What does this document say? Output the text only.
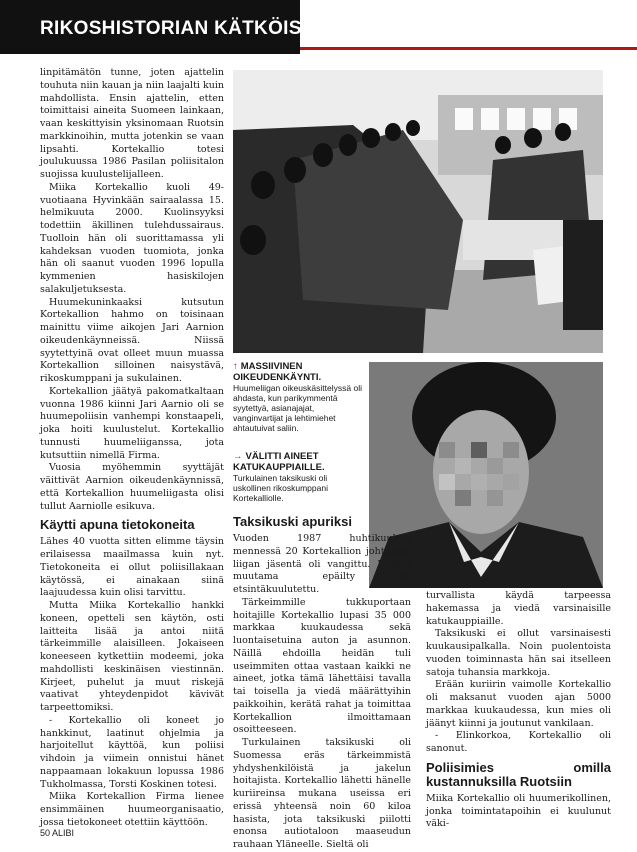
RIKOSHISTORIAN KÄTKÖISTÄ

linpitämätön tunne, joten ajattelin touhuta niin kauan ja niin laajalti kuin mahdollista. Ensin ajattelin, etten toimittaisi aineita Suomeen lainkaan, vaan keskittyisin yksinomaan Ruotsin markkinoihin, mutta jotenkin se vaan lipsahti. Kortekallio totesi joulukuussa 1986 Pasilan poliisitalon suojissa kuulustelijalleen.

Miika Kortekallio kuoli 49-vuotiaana Hyvinkään sairaalassa 15. helmikuuta 2000. Kuolinsyyksi todettiin äkillinen tulehdussairaus. Tuolloin hän oli suorittamassa yli kahdeksan vuoden tuomiota, jonka hän oli saanut vuoden 1996 lopulla kymmenien hasiskilojen salakuljetuksesta.

Huumekuninkaaksi kutsutun Kortekallion hahmo on toisinaan mainittu viime aikojen Jari Aarnion oikeudenkäynneissä. Niissä syytettyinä ovat olleet muun muassa Kortekallion silloinen naisystävä, rikoskumppani ja sukulainen.

Kortekallion jäätyä pakomatkaltaan vuonna 1986 kiinni Jari Aarnio oli se huumepoliisin vanhempi konstaapeli, joka hoiti kuulustelut. Kortekallio tunnusti huumeliiganssa, jota kutsuttiin nimellä Firma.

Vuosia myöhemmin syyttäjät väittivät Aarnion oikeudenkäynnissä, että Kortekallion huumeliigasta olisi tullut Aarniolle esikuva.

Käytti apuna tietokoneita

Lähes 40 vuotta sitten elimme täysin erilaisessa maailmassa kuin nyt. Tietokoneita ei ollut poliisillakaan käytössä, ei ainakaan siinä laajuudessa kuin olisi tarvittu.

Mutta Miika Kortekallio hankki koneen, opetteli sen käytön, osti laitteita lisää ja antoi niitä tärkeimmille alaisilleen. Jokaiseen koneeseen kytkettiin modeemi, joka mahdollisti keskinäisen viestinnän. Kirjeet, puhelut ja muut riskejä vaativat yhteydenpidot kävivät tarpeettomiksi.

- Kortekallio oli koneet jo hankkinut, laatinut ohjelmia ja harjoitellut käyttöä, kun poliisi vihdoin ja viimein onnistui hänet nappaamaan lokakuun lopussa 1986 Tukholmassa, Torsti Koskinen totesi.

Miika Kortekallion Firma lienee ensimmäinen huumeorganisaatio, jossa tietokoneet otettiin käyttöön.

↑ MASSIIVINEN OIKEUDENKÄYNTI.
Huumeliigan oikeuskäsittelyssä oli ahdasta, kun parikymmentä syytettyä, asianajajat, vanginvartijat ja lehtimiehet ahtautuivat saliin.
→ VÄLITTI AINEET KATUKAUPPIAILLE.
Turkulainen taksikuski oli uskollinen rikoskumppani Kortekalliolle.
Taksikuski apuriksi

Vuoden 1987 huhtikuuhun mennessä 20 Kortekallion johtaman liigan jäsentä oli vangittu. Lisäksi muutama epäilty oli etsintäkuulutettu.

Tärkeimmille tukkuportaan hoitajille Kortekallio lupasi 35 000 markkaa kuukaudessa sekä luontaisetuina auton ja asunnon. Näillä ehdoilla heidän tuli useimmiten ottaa vastaan kaikki ne aineet, jotka tämä lähettäisi tavalla tai toisella ja viedä määrättyihin paikkoihin, kerätä rahat ja toimittaa Kortekallion ilmoittamaan osoitteeseen.

Turkulainen taksikuski oli Suomessa eräs tärkeimmistä yhdyshenkilöistä ja jakelun hoitajista. Kortekallio lähetti hänelle kuriireinsa mukana useissa eri erissä yhteensä noin 60 kiloa hasista, jota taksikuski piilotti enonsa autiotaloon maaseudun rauhaan Yläneelle. Sieltä oli

turvallista käydä tarpeessa hakemassa ja viedä varsinaisille katukauppiaille.

Taksikuski ei ollut varsinaisesti kuukausipalkalla. Noin puolentoista vuoden toiminnasta hän sai itselleen satoja tuhansia markkoja.

Erään kuriirin vaimolle Kortekallio oli maksanut vuoden ajan 5000 markkaa kuukaudessa, kun mies oli jäänyt kiinni ja joutunut vankilaan.

- Elinkorkoa, Kortekallio oli sanonut.

Poliisimies omilla kustannuksilla Ruotsiin

Miika Kortekallio oli huumerikollinen, jonka toimintatapoihin ei kuulunut väki-

50 ALIBI
